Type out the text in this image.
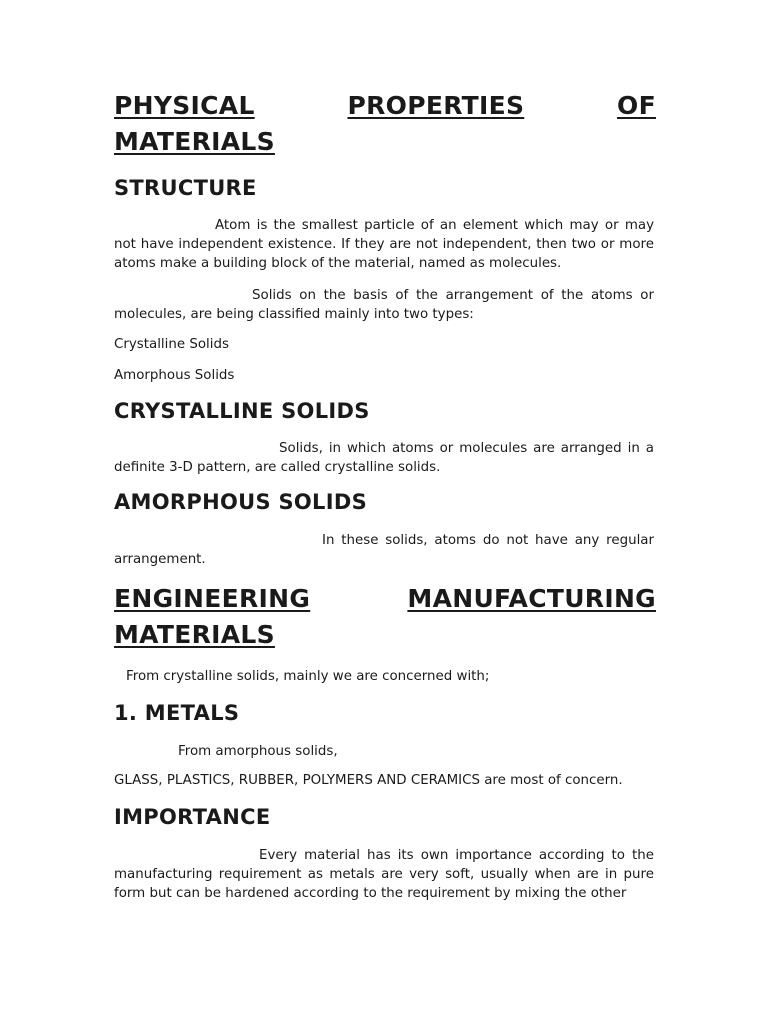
PHYSICAL	PROPERTIES	OF
MATERIALS
STRUCTURE
Atom is the smallest particle of an element which may or may not have independent existence. If they are not independent, then two or more atoms make a building block of the material, named as molecules.
Solids on the basis of the arrangement of the atoms or molecules, are being classified mainly into two types:
Crystalline Solids
Amorphous Solids
CRYSTALLINE SOLIDS
Solids, in which atoms or molecules are arranged in a definite 3-D pattern, are called crystalline solids.
AMORPHOUS SOLIDS
In these solids, atoms do not have any regular arrangement.
ENGINEERING	MANUFACTURING
MATERIALS
From crystalline solids, mainly we are concerned with;
1. METALS
From amorphous solids,
GLASS, PLASTICS, RUBBER, POLYMERS AND CERAMICS are most of concern.
IMPORTANCE
Every material has its own importance according to the manufacturing requirement as metals are very soft, usually when are in pure form but can be hardened according to the requirement by mixing the other
